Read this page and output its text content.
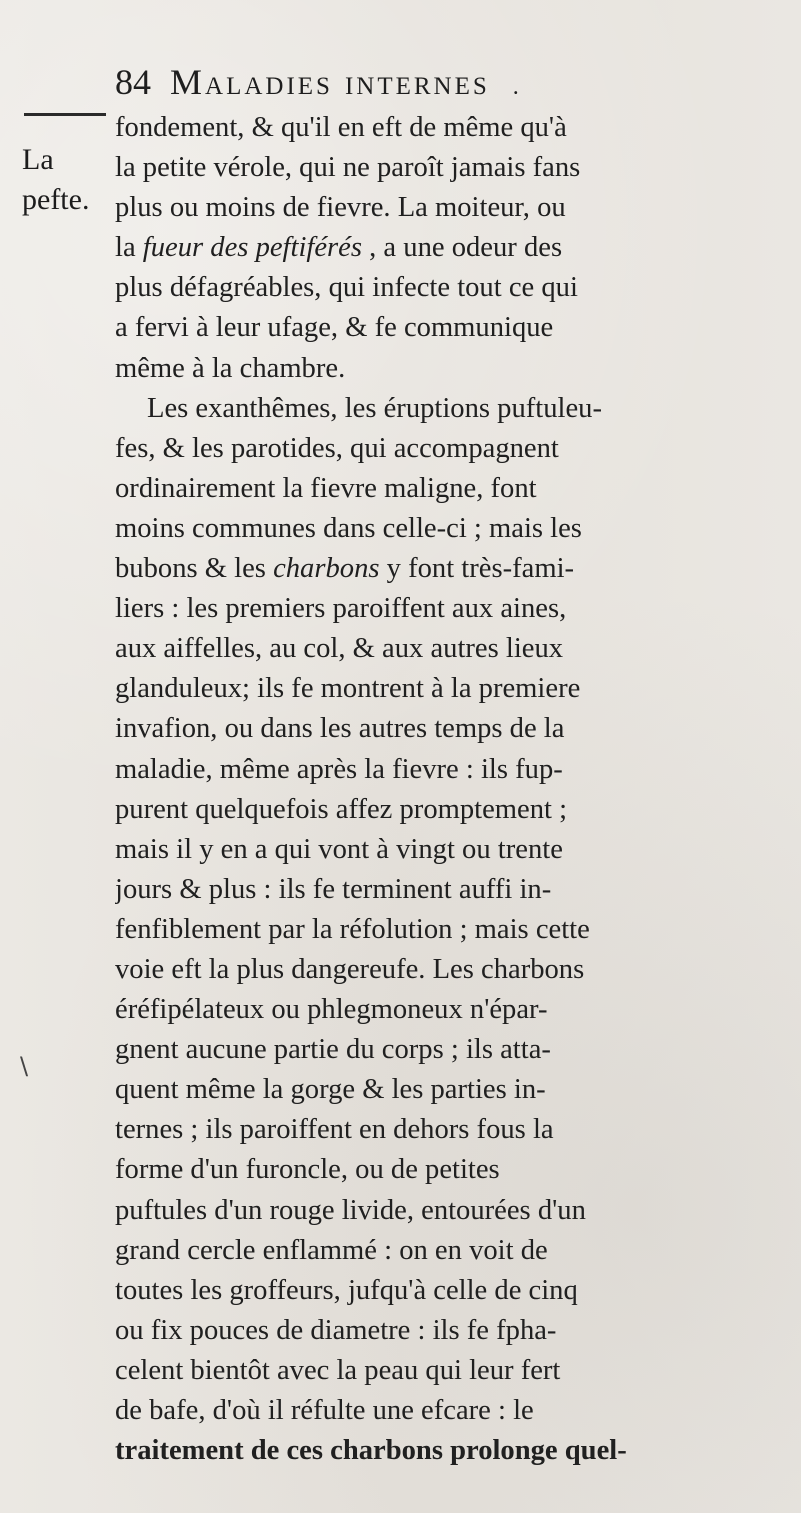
84 Maladies internes .
La
pefte.
\
fondement, & qu'il en eft de même qu'à
la petite vérole, qui ne paroît jamais fans
plus ou moins de fievre. La moiteur, ou
la fueur des peftiférés , a une odeur des
plus défagréables, qui infecte tout ce qui
a fervi à leur ufage, & fe communique
même à la chambre.
Les exanthêmes, les éruptions puftuleu-
fes, & les parotides, qui accompagnent
ordinairement la fievre maligne, font
moins communes dans celle-ci ; mais les
bubons & les charbons y font très-fami-
liers : les premiers paroiffent aux aines,
aux aiffelles, au col, & aux autres lieux
glanduleux; ils fe montrent à la premiere
invafion, ou dans les autres temps de la
maladie, même après la fievre : ils fup-
purent quelquefois affez promptement ;
mais il y en a qui vont à vingt ou trente
jours & plus : ils fe terminent auffi in-
fenfiblement par la réfolution ; mais cette
voie eft la plus dangereufe. Les charbons
éréfipélateux ou phlegmoneux n'épar-
gnent aucune partie du corps ; ils atta-
quent même la gorge & les parties in-
ternes ; ils paroiffent en dehors fous la
forme d'un furoncle, ou de petites
puftules d'un rouge livide, entourées d'un
grand cercle enflammé : on en voit de
toutes les groffeurs, jufqu'à celle de cinq
ou fix pouces de diametre : ils fe fpha-
celent bientôt avec la peau qui leur fert
de bafe, d'où il réfulte une efcare : le
traitement de ces charbons prolonge quel-
